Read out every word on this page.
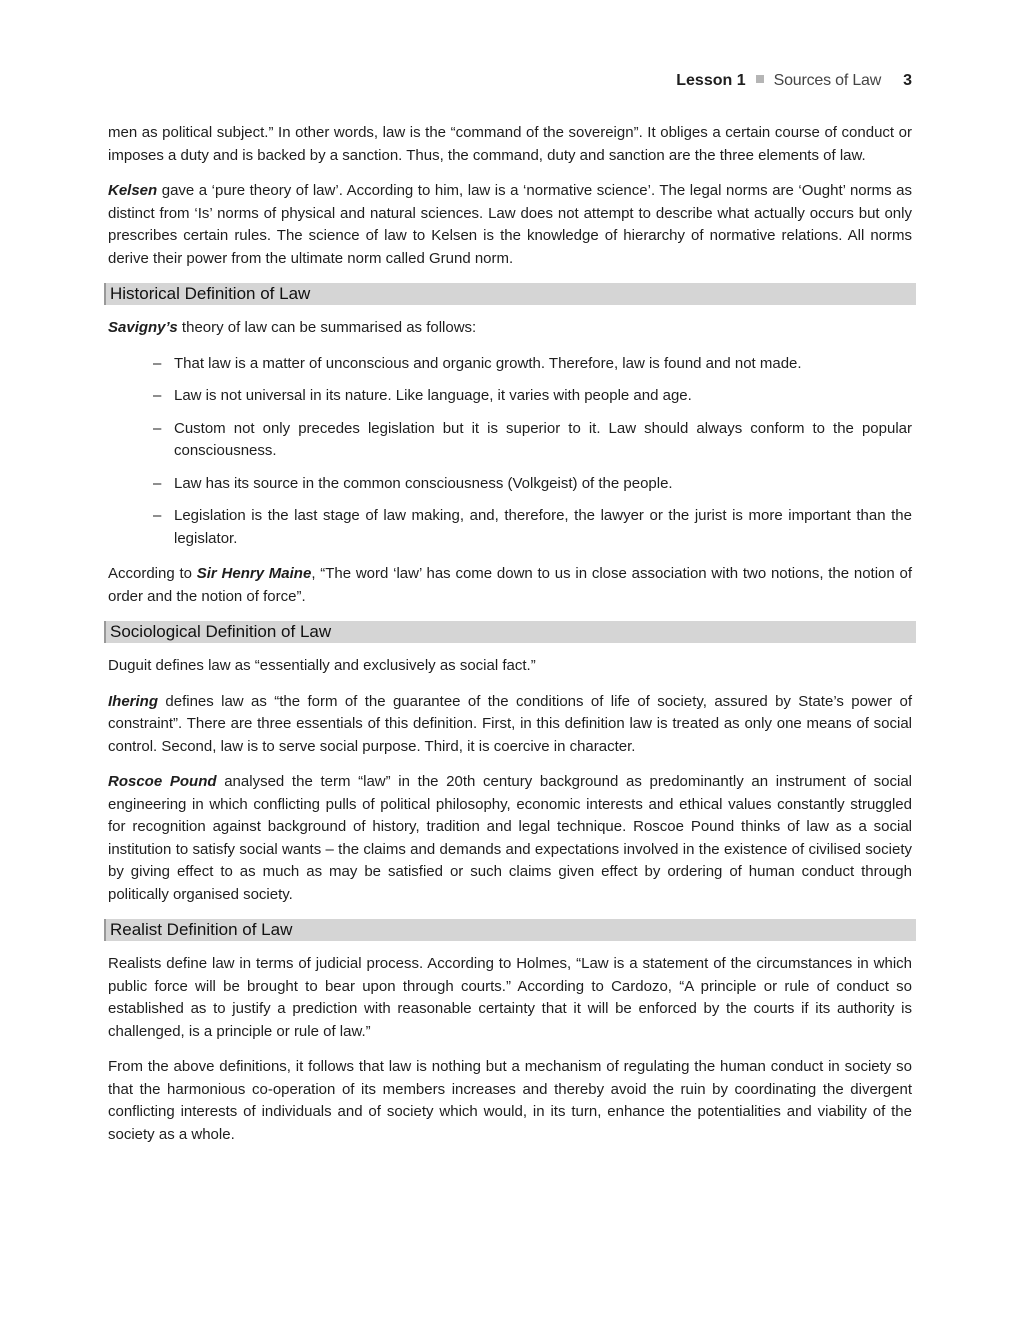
Lesson 1 Sources of Law 3

men as political subject.” In other words, law is the “command of the sovereign”. It obliges a certain course of conduct or imposes a duty and is backed by a sanction. Thus, the command, duty and sanction are the three elements of law.

Kelsen gave a ‘pure theory of law’. According to him, law is a ‘normative science’. The legal norms are ‘Ought’ norms as distinct from ‘Is’ norms of physical and natural sciences. Law does not attempt to describe what actually occurs but only prescribes certain rules. The science of law to Kelsen is the knowledge of hierarchy of normative relations. All norms derive their power from the ultimate norm called Grund norm.

Historical Definition of Law

Savigny’s theory of law can be summarised as follows:

– That law is a matter of unconscious and organic growth. Therefore, law is found and not made.
– Law is not universal in its nature. Like language, it varies with people and age.
– Custom not only precedes legislation but it is superior to it. Law should always conform to the popular consciousness.
– Law has its source in the common consciousness (Volkgeist) of the people.
– Legislation is the last stage of law making, and, therefore, the lawyer or the jurist is more important than the legislator.

According to Sir Henry Maine, “The word ‘law’ has come down to us in close association with two notions, the notion of order and the notion of force”.

Sociological Definition of Law

Duguit defines law as “essentially and exclusively as social fact.”

Ihering defines law as “the form of the guarantee of the conditions of life of society, assured by State’s power of constraint”. There are three essentials of this definition. First, in this definition law is treated as only one means of social control. Second, law is to serve social purpose. Third, it is coercive in character.

Roscoe Pound analysed the term “law” in the 20th century background as predominantly an instrument of social engineering in which conflicting pulls of political philosophy, economic interests and ethical values constantly struggled for recognition against background of history, tradition and legal technique. Roscoe Pound thinks of law as a social institution to satisfy social wants – the claims and demands and expectations involved in the existence of civilised society by giving effect to as much as may be satisfied or such claims given effect by ordering of human conduct through politically organised society.

Realist Definition of Law

Realists define law in terms of judicial process. According to Holmes, “Law is a statement of the circumstances in which public force will be brought to bear upon through courts.” According to Cardozo, “A principle or rule of conduct so established as to justify a prediction with reasonable certainty that it will be enforced by the courts if its authority is challenged, is a principle or rule of law.”

From the above definitions, it follows that law is nothing but a mechanism of regulating the human conduct in society so that the harmonious co-operation of its members increases and thereby avoid the ruin by coordinating the divergent conflicting interests of individuals and of society which would, in its turn, enhance the potentialities and viability of the society as a whole.
